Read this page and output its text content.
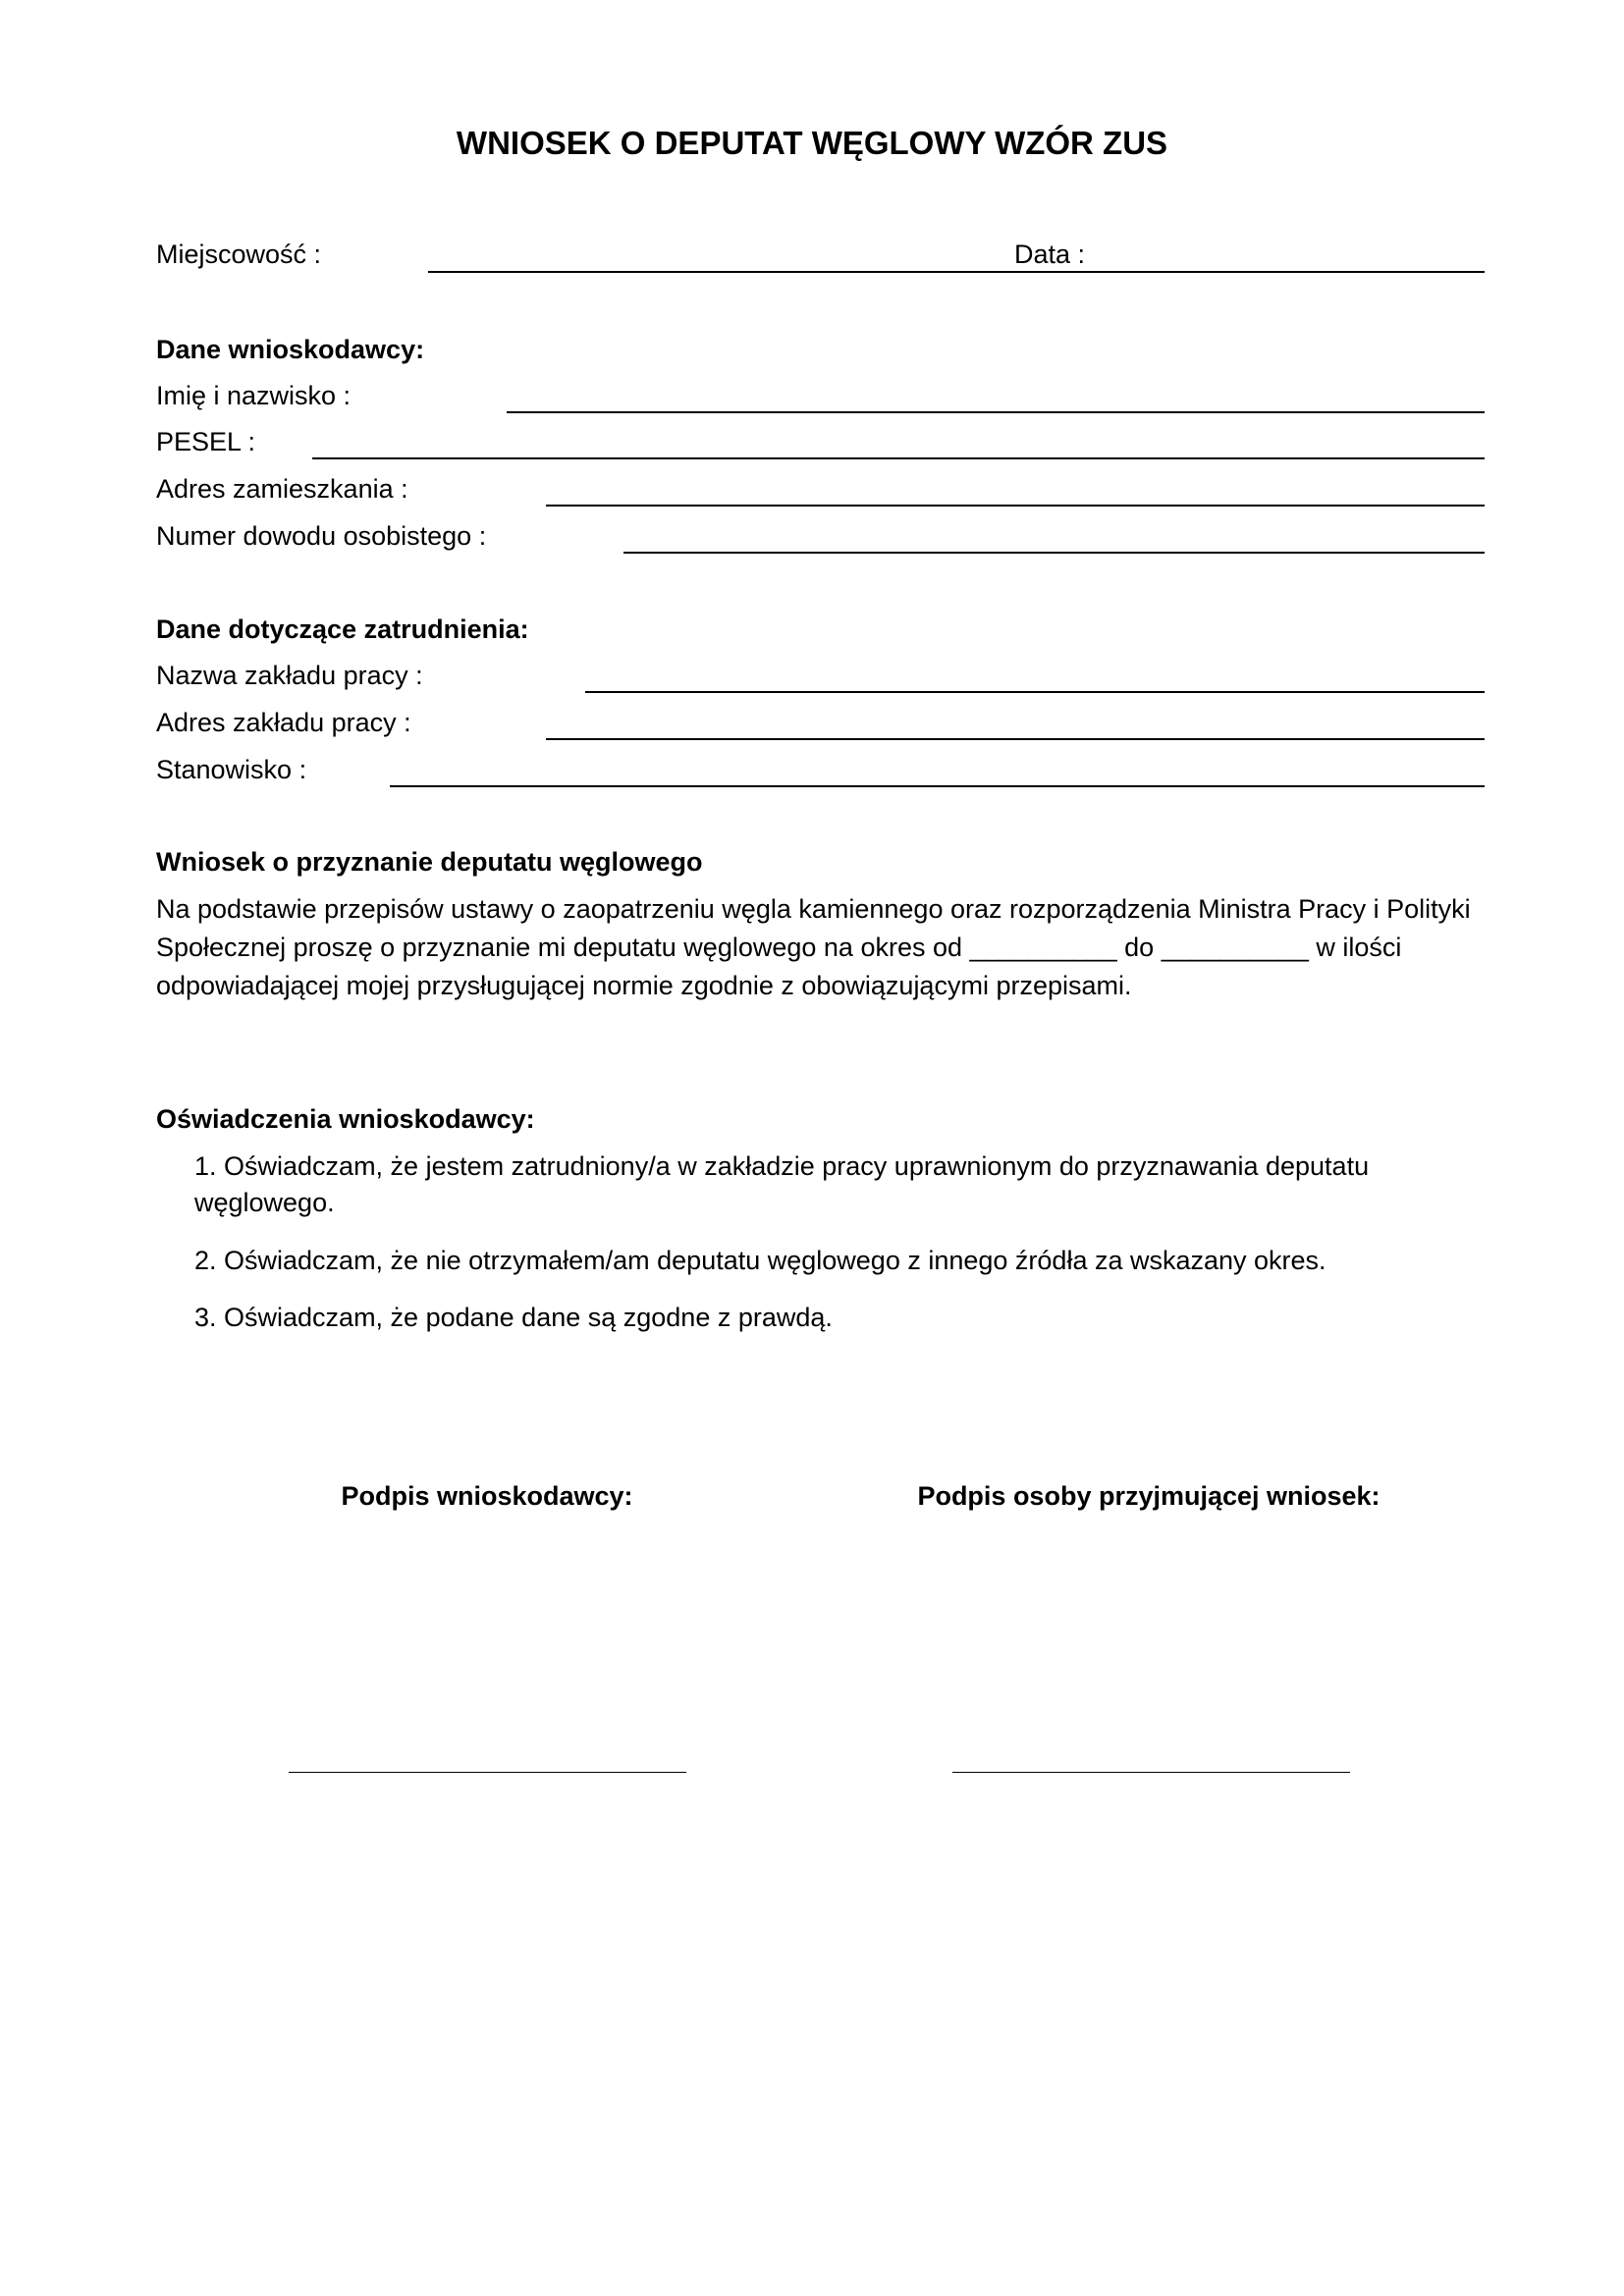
WNIOSEK O DEPUTAT WĘGLOWY WZÓR ZUS
Miejscowość :	Data :
Dane wnioskodawcy:
Imię i nazwisko :
PESEL :
Adres zamieszkania :
Numer dowodu osobistego :
Dane dotyczące zatrudnienia:
Nazwa zakładu pracy :
Adres zakładu pracy :
Stanowisko :
Wniosek o przyznanie deputatu węglowego
Na podstawie przepisów ustawy o zaopatrzeniu węgla kamiennego oraz rozporządzenia Ministra Pracy i Polityki Społecznej proszę o przyznanie mi deputatu węglowego na okres od __________ do __________ w ilości odpowiadającej mojej przysługującej normie zgodnie z obowiązującymi przepisami.
Oświadczenia wnioskodawcy:
1. Oświadczam, że jestem zatrudniony/a w zakładzie pracy uprawnionym do przyznawania deputatu węglowego.
2. Oświadczam, że nie otrzymałem/am deputatu węglowego z innego źródła za wskazany okres.
3. Oświadczam, że podane dane są zgodne z prawdą.
Podpis wnioskodawcy:	Podpis osoby przyjmującej wniosek:
